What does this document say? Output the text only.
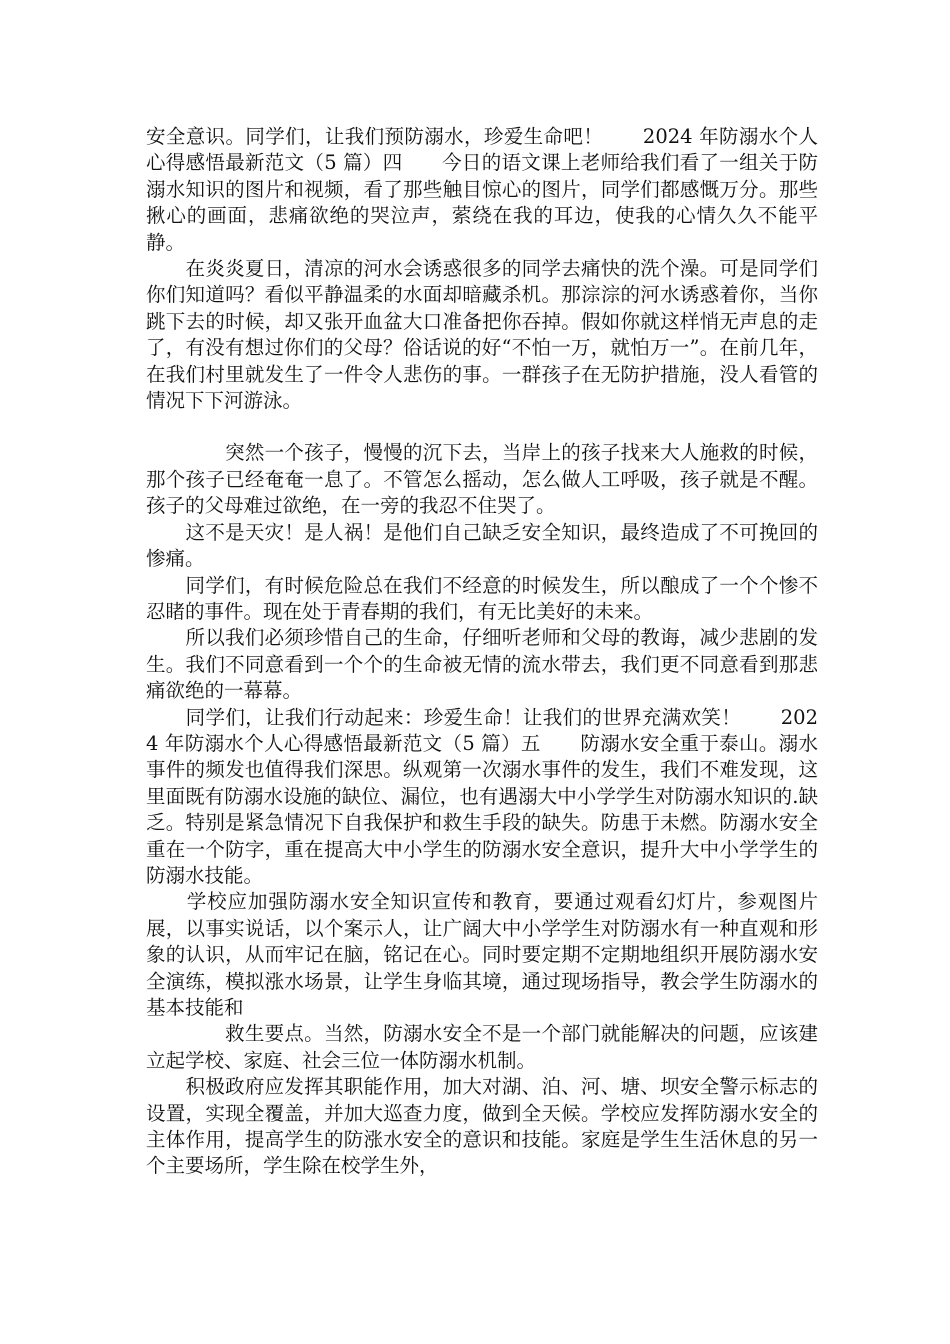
安全意识。同学们，让我们预防溺水，珍爱生命吧！　　2024 年防溺水个人心得感悟最新范文（5 篇）四　　今日的语文课上老师给我们看了一组关于防溺水知识的图片和视频，看了那些触目惊心的图片，同学们都感慨万分。那些揪心的画面，悲痛欲绝的哭泣声，萦绕在我的耳边，使我的心情久久不能平静。

　　在炎炎夏日，清凉的河水会诱惑很多的同学去痛快的洗个澡。可是同学们你们知道吗？看似平静温柔的水面却暗藏杀机。那淙淙的河水诱惑着你，当你跳下去的时候，却又张开血盆大口准备把你吞掉。假如你就这样悄无声息的走了，有没有想过你们的父母？俗话说的好“不怕一万，就怕万一”。在前几年，在我们村里就发生了一件令人悲伤的事。一群孩子在无防护措施，没人看管的情况下下河游泳。

　　　　突然一个孩子，慢慢的沉下去，当岸上的孩子找来大人施救的时候，那个孩子已经奄奄一息了。不管怎么摇动，怎么做人工呼吸，孩子就是不醒。孩子的父母难过欲绝，在一旁的我忍不住哭了。

　　这不是天灾！是人祸！是他们自己缺乏安全知识，最终造成了不可挽回的惨痛。

　　同学们，有时候危险总在我们不经意的时候发生，所以酿成了一个个惨不忍睹的事件。现在处于青春期的我们，有无比美好的未来。

　　所以我们必须珍惜自己的生命，仔细听老师和父母的教诲，减少悲剧的发生。我们不同意看到一个个的生命被无情的流水带去，我们更不同意看到那悲痛欲绝的一幕幕。

　　同学们，让我们行动起来：珍爱生命！让我们的世界充满欢笑！　　2024 年防溺水个人心得感悟最新范文（5 篇）五　　防溺水安全重于泰山。溺水事件的频发也值得我们深思。纵观第一次溺水事件的发生，我们不难发现，这里面既有防溺水设施的缺位、漏位，也有遇溺大中小学学生对防溺水知识的.缺乏。特别是紧急情况下自我保护和救生手段的缺失。防患于未燃。防溺水安全重在一个防字，重在提高大中小学生的防溺水安全意识，提升大中小学学生的防溺水技能。

　　学校应加强防溺水安全知识宣传和教育，要通过观看幻灯片，参观图片展，以事实说话，以个案示人，让广阔大中小学学生对防溺水有一种直观和形象的认识，从而牢记在脑，铭记在心。同时要定期不定期地组织开展防溺水安全演练，模拟涨水场景，让学生身临其境，通过现场指导，教会学生防溺水的基本技能和

　　　　救生要点。当然，防溺水安全不是一个部门就能解决的问题，应该建立起学校、家庭、社会三位一体防溺水机制。

　　积极政府应发挥其职能作用，加大对湖、泊、河、塘、坝安全警示标志的设置，实现全覆盖，并加大巡查力度，做到全天候。学校应发挥防溺水安全的主体作用，提高学生的防涨水安全的意识和技能。家庭是学生生活休息的另一个主要场所，学生除在校学生外，
